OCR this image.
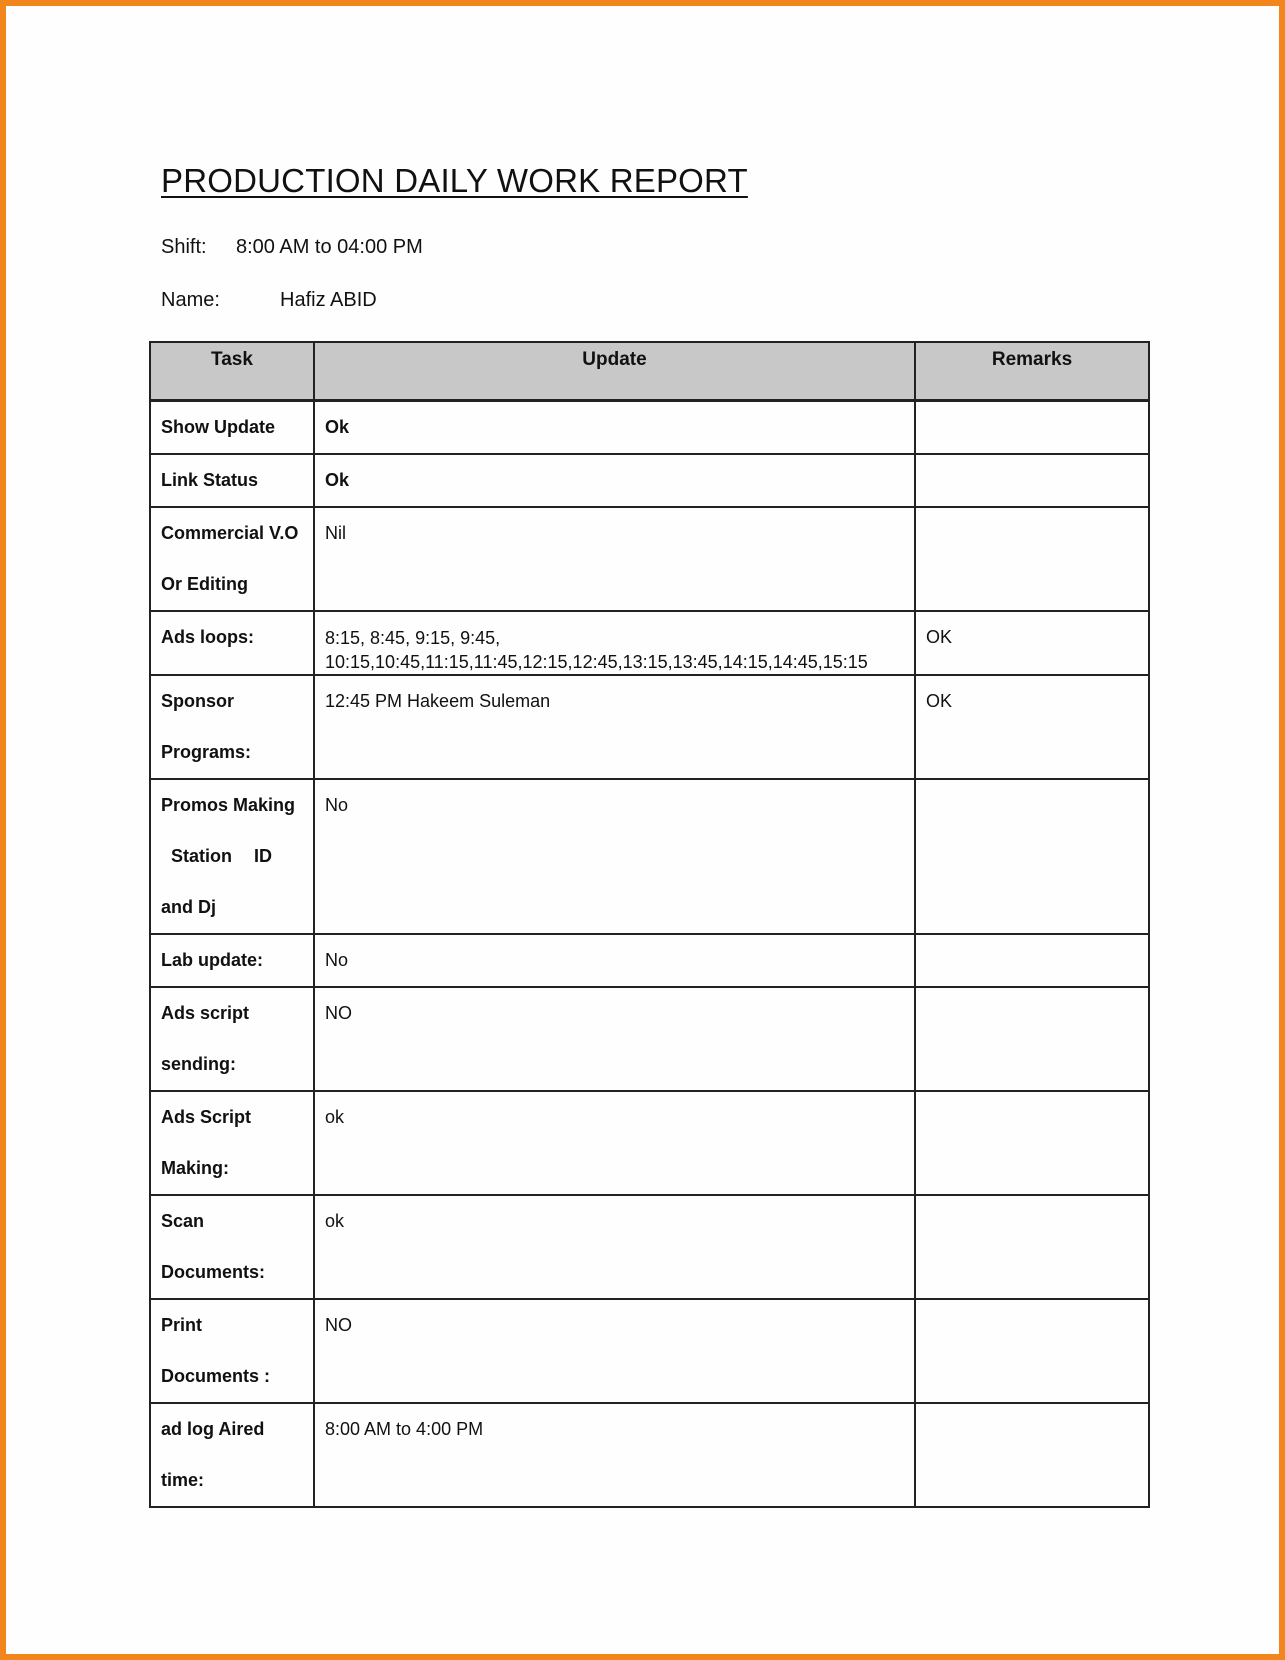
PRODUCTION DAILY WORK REPORT
Shift: 8:00 AM to 04:00 PM
Name:	Hafiz ABID
Task	Update	Remarks

Show Update	Ok	

Link Status	Ok	

Commercial V.O
Or Editing	Nil	

Ads loops:	8:15, 8:45, 9:15, 9:45,
10:15,10:45,11:15,11:45,12:15,12:45,13:15,13:45,14:15,14:45,15:15	OK

Sponsor
Programs:	12:45 PM Hakeem Suleman	OK

Promos Making
Station ID
and Dj	No	

Lab update:	No	

Ads script
sending:	NO	

Ads Script
Making:	ok	

Scan
Documents:	ok	

Print
Documents :	NO	

ad log Aired
time:	8:00 AM to 4:00 PM	
